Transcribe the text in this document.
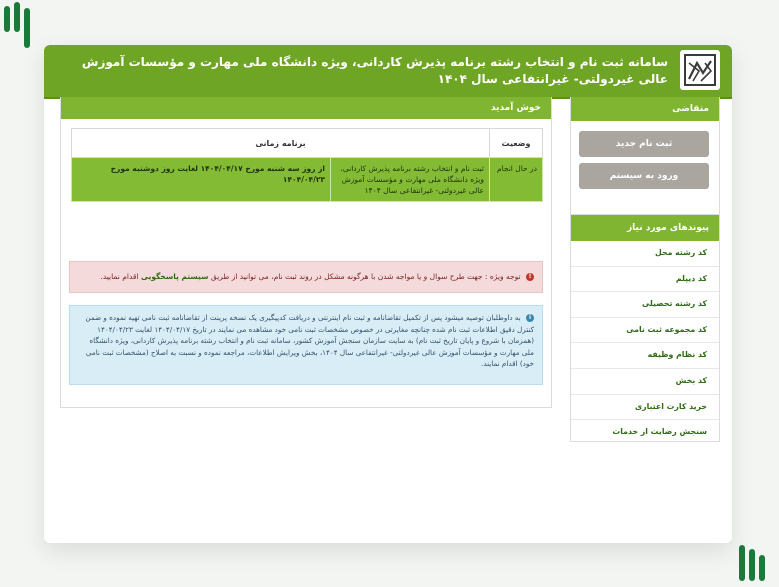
سامانه ثبت نام و انتخاب رشته برنامه پذیرش کاردانی، ویژه دانشگاه ملی مهارت و مؤسسات آموزش عالی غیردولتی- غیرانتفاعی سال ۱۴۰۴
خوش آمدید
وضعیت	برنامه زمانی	
در حال انجام	ثبت نام و انتخاب رشته برنامه پذیرش کاردانی، ویژه دانشگاه ملی مهارت و مؤسسات آموزش عالی غیردولتی- غیرانتفاعی سال ۱۴۰۴	از روز سه شنبه مورخ ۱۴۰۴/۰۴/۱۷ لغایت روز دوشنبه مورخ ۱۴۰۴/۰۴/۲۳
! توجه ویژه : جهت طرح سوال و یا مواجه شدن با هرگونه مشکل در روند ثبت نام، می توانید از طریق سیستم پاسخگویی اقدام نمایید.
i به داوطلبان توصیه میشود پس از تکمیل تقاضانامه و ثبت نام اینترنتی و دریافت کدپیگیری یک نسخه پرینت از تقاضانامه ثبت نامی تهیه نموده و ضمن کنترل دقیق اطلاعات ثبت نام شده چنانچه مغایرتی در خصوص مشخصات ثبت نامی خود مشاهده می نمایند در تاریخ ۱۴۰۴/۰۴/۱۷ لغایت ۱۴۰۴/۰۴/۲۳ (همزمان با شروع و پایان تاریخ ثبت نام) به سایت سازمان سنجش آموزش کشور، سامانه ثبت نام و انتخاب رشته برنامه پذیرش کاردانی، ویژه دانشگاه ملی مهارت و مؤسسات آموزش عالی غیردولتی- غیرانتفاعی سال ۱۴۰۴، بخش ویرایش اطلاعات، مراجعه نموده و نسبت به اصلاح (مشخصات ثبت نامی خود) اقدام نمایند.
متقاضی
ثبت نام جدید
ورود به سیستم
پیوندهای مورد نیاز
کد رشته محل
کد دیپلم
کد رشته تحصیلی
کد مجموعه ثبت نامی
کد نظام وظیفه
کد بخش
خرید کارت اعتباری
سنجش رضایت از خدمات
